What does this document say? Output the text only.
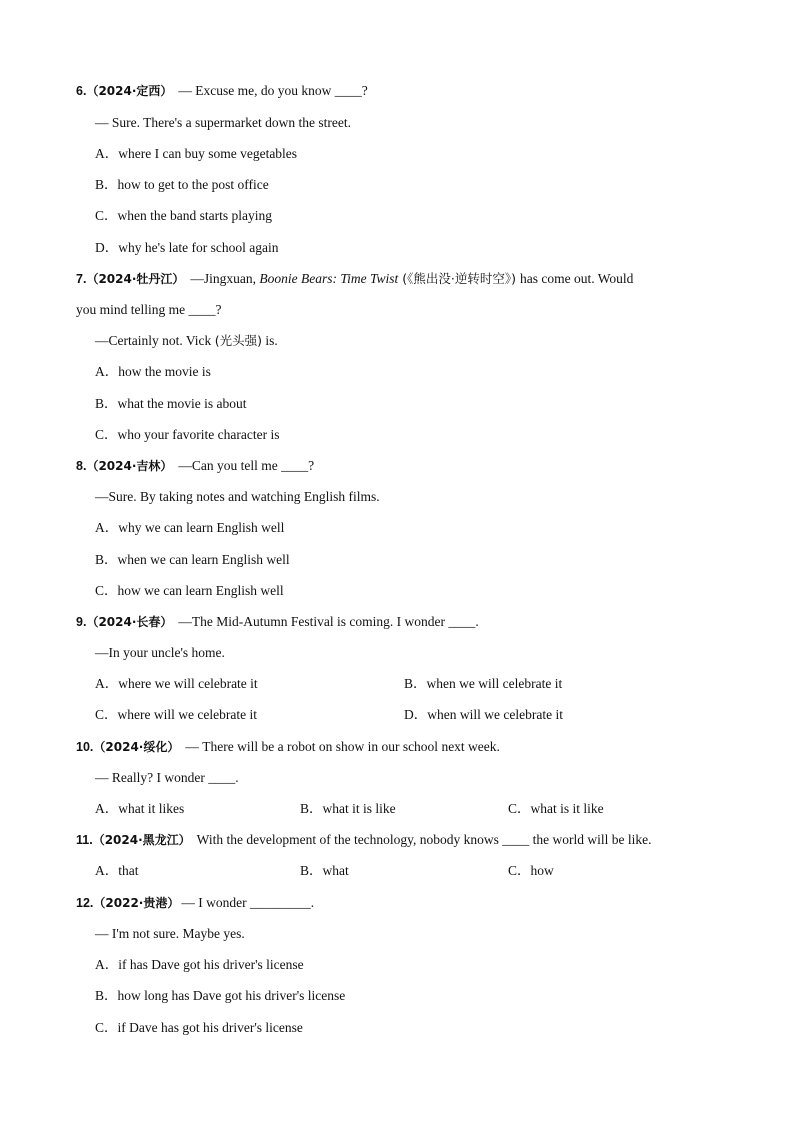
6.（2024·定西） — Excuse me, do you know ____?
— Sure. There's a supermarket down the street.
A．where I can buy some vegetables
B．how to get to the post office
C．when the band starts playing
D．why he's late for school again
7.（2024·牡丹江） —Jingxuan, Boonie Bears: Time Twist (《熊出没·逆转时空》) has come out. Would
you mind telling me ____?
—Certainly not. Vick (光头强) is.
A．how the movie is
B．what the movie is about
C．who your favorite character is
8.（2024·吉林） —Can you tell me ____?
—Sure. By taking notes and watching English films.
A．why we can learn English well
B．when we can learn English well
C．how we can learn English well
9.（2024·长春） —The Mid-Autumn Festival is coming. I wonder ____.
—In your uncle's home.
A．where we will celebrate it	B．when we will celebrate it
C．where will we celebrate it	D．when will we celebrate it
10.（2024·绥化） — There will be a robot on show in our school next week.
— Really? I wonder ____.
A．what it likes	B．what it is like	C．what is it like
11.（2024·黑龙江） With the development of the technology, nobody knows ____ the world will be like.
A．that	B．what	C．how
12.（2022·贵港） — I wonder _________.
— I'm not sure. Maybe yes.
A．if has Dave got his driver's license
B．how long has Dave got his driver's license
C．if Dave has got his driver's license
